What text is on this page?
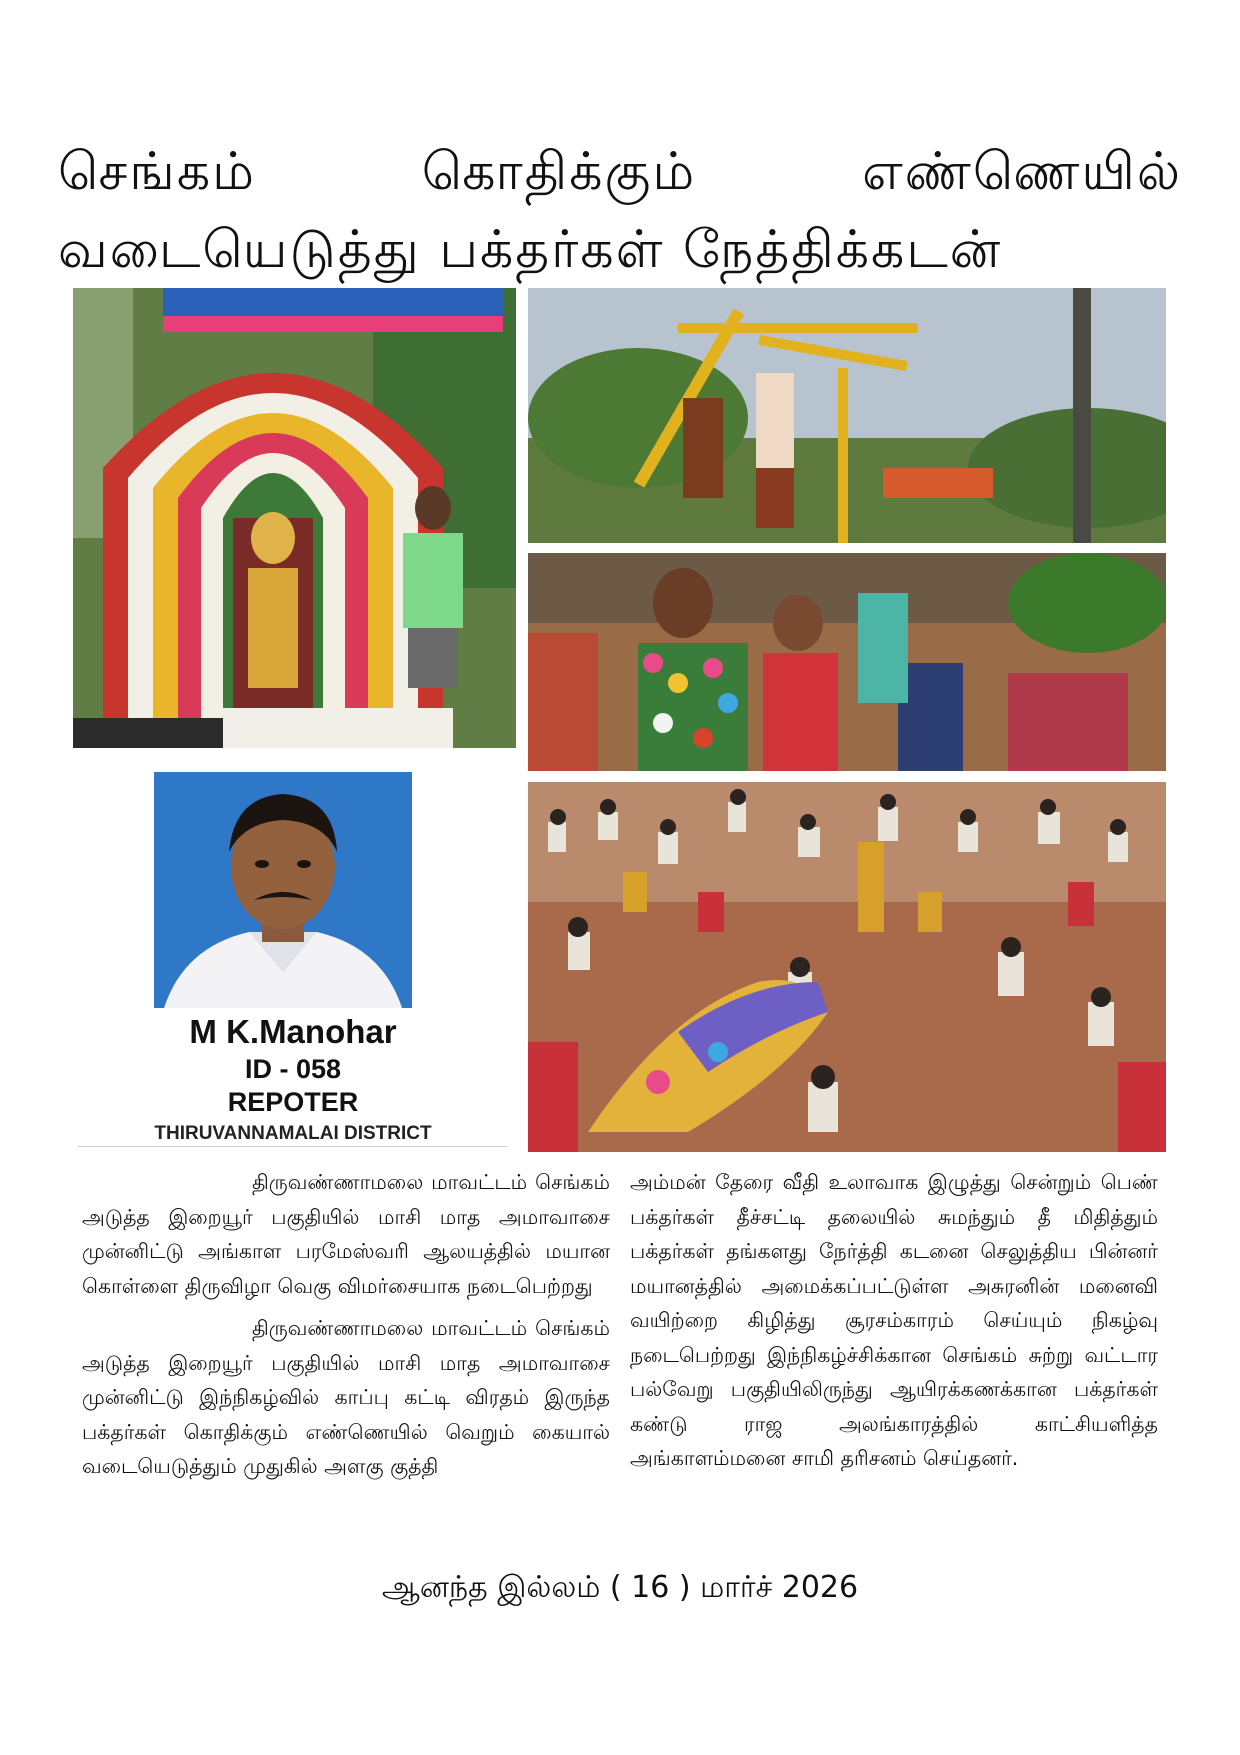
செங்கம்	கொதிக்கும்	எண்ணெயில்
வடையெடுத்து பக்தர்கள் நேத்திக்கடன்
M K.Manohar
ID - 058
REPOTER
THIRUVANNAMALAI DISTRICT

திருவண்ணாமலை மாவட்டம் செங்கம் அடுத்த இறையூர் பகுதியில் மாசி மாத அமாவாசை முன்னிட்டு அங்காள பரமேஸ்வரி ஆலயத்தில் மயான கொள்ளை திருவிழா வெகு விமர்சையாக நடைபெற்றது

திருவண்ணாமலை மாவட்டம் செங்கம் அடுத்த இறையூர் பகுதியில் மாசி மாத அமாவாசை முன்னிட்டு இந்நிகழ்வில் காப்பு கட்டி விரதம் இருந்த பக்தர்கள் கொதிக்கும் எண்ணெயில் வெறும் கையால் வடையெடுத்தும் முதுகில் அளகு குத்தி

அம்மன் தேரை வீதி உலாவாக இழுத்து சென்றும் பெண் பக்தர்கள் தீச்சட்டி தலையில் சுமந்தும் தீ மிதித்தும் பக்தர்கள் தங்களது நேர்த்தி கடனை செலுத்திய பின்னர் மயானத்தில் அமைக்கப்பட்டுள்ள அசுரனின் மனைவி வயிற்றை கிழித்து சூரசம்காரம் செய்யும் நிகழ்வு நடைபெற்றது இந்நிகழ்ச்சிக்கான செங்கம் சுற்று வட்டார பல்வேறு பகுதியிலிருந்து ஆயிரக்கணக்கான பக்தர்கள் கண்டு ராஜ அலங்காரத்தில் காட்சியளித்த அங்காளம்மனை சாமி தரிசனம் செய்தனர்.

ஆனந்த இல்லம் ( 16 ) மார்ச் 2026
